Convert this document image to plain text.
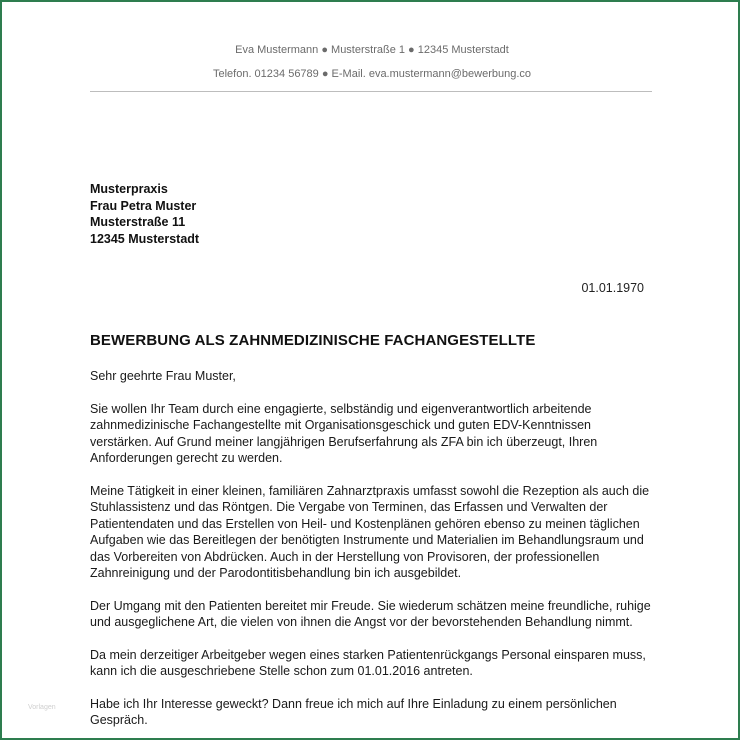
Eva Mustermann ● Musterstraße 1 ● 12345 Musterstadt
Telefon. 01234 56789 ● E-Mail. eva.mustermann@bewerbung.co
Musterpraxis
Frau Petra Muster
Musterstraße 11
12345 Musterstadt
01.01.1970
BEWERBUNG ALS ZAHNMEDIZINISCHE FACHANGESTELLTE

Sehr geehrte Frau Muster,

Sie wollen Ihr Team durch eine engagierte, selbständig und eigenverantwortlich arbeitende zahnmedizinische Fachangestellte mit Organisationsgeschick und guten EDV-Kenntnissen verstärken. Auf Grund meiner langjährigen Berufserfahrung als ZFA bin ich überzeugt, Ihren Anforderungen gerecht zu werden.

Meine Tätigkeit in einer kleinen, familiären Zahnarztpraxis umfasst sowohl die Rezeption als auch die Stuhlassistenz und das Röntgen. Die Vergabe von Terminen, das Erfassen und Verwalten der Patientendaten und das Erstellen von Heil- und Kostenplänen gehören ebenso zu meinen täglichen Aufgaben wie das Bereitlegen der benötigten Instrumente und Materialien im Behandlungsraum und das Vorbereiten von Abdrücken. Auch in der Herstellung von Provisoren, der professionellen Zahnreinigung und der Parodontitisbehandlung bin ich ausgebildet.

Der Umgang mit den Patienten bereitet mir Freude. Sie wiederum schätzen meine freundliche, ruhige und ausgeglichene Art, die vielen von ihnen die Angst vor der bevorstehenden Behandlung nimmt.

Da mein derzeitiger Arbeitgeber wegen eines starken Patientenrückgangs Personal einsparen muss, kann ich die ausgeschriebene Stelle schon zum 01.01.2016 antreten.

Habe ich Ihr Interesse geweckt? Dann freue ich mich auf Ihre Einladung zu einem persönlichen Gespräch.

Vorlagen
